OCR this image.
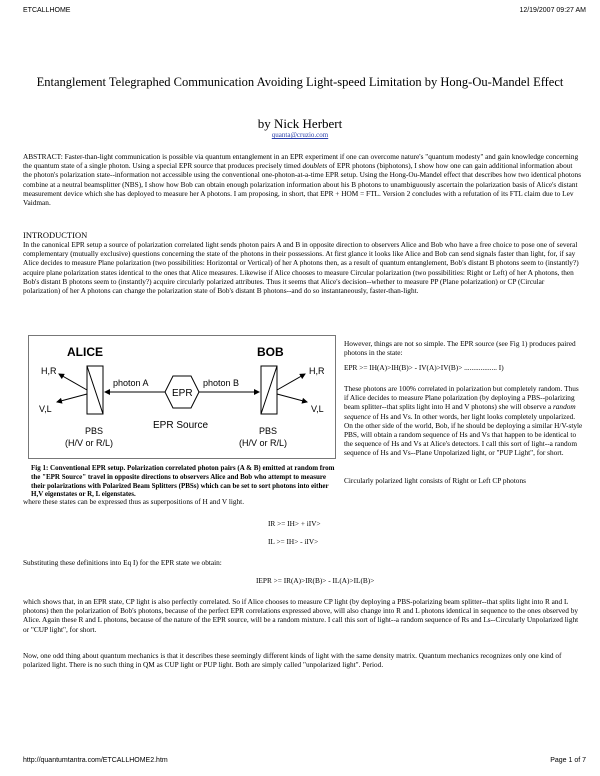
ETCALLHOME	12/19/2007 09:27 AM
Entanglement Telegraphed Communication Avoiding Light-speed Limitation by Hong-Ou-Mandel Effect
by Nick Herbert
quanta@cruzio.com

ABSTRACT: Faster-than-light communication is possible via quantum entanglement in an EPR experiment if one can overcome nature's "quantum modesty" and gain knowledge concerning the quantum state of a single photon. Using a special EPR source that produces precisely timed doublets of EPR photons (biphotons), I show how one can gain additional information about the photon's polarization state--information not accessible using the conventional one-photon-at-a-time EPR setup. Using the Hong-Ou-Mandel effect that describes how two identical photons combine at a neutral beamsplitter (NBS), I show how Bob can obtain enough polarization information about his B photons to unambiguously ascertain the polarization basis of Alice's distant measurement device which she has deployed to measure her A photons. I am proposing, in short, that EPR + HOM = FTL. Version 2 concludes with a refutation of its FTL claim due to Lev Vaidman.

INTRODUCTION

In the canonical EPR setup a source of polarization correlated light sends photon pairs A and B in opposite direction to observers Alice and Bob who have a free choice to pose one of several complementary (mutually exclusive) questions concerning the state of the photons in their possessions. At first glance it looks like Alice and Bob can send signals faster than light, for, if say Alice decides to measure Plane polarization (two possibilities: Horizontal or Vertical) of her A photons then, as a result of quantum entanglement, Bob's distant B photons seem to (instantly?) acquire plane polarization states identical to the ones that Alice measures. Likewise if Alice chooses to measure Circular polarization (two possibilities: Right or Left) of her A photons, then Bob's distant B photons seem to (instantly?) acquire circularly polarized attributes. Thus it seems that Alice's decision--whether to measure PP (Plane polarization) or CP (Circular polarization) of her A photons can change the polarization state of Bob's distant B photons--and do so instantaneously, faster-than-light.

ALICE	BOB
EPR
photon A	photon B
H,R
V,L
H,R
V,L
EPR Source
PBS
(H/V or R/L)
PBS
(H/V or R/L)
Fig 1: Conventional EPR setup. Polarization correlated photon pairs (A & B) emitted at random from the "EPR Source" travel in opposite directions to observers Alice and Bob who attempt to measure their polarizations with Polarized Beam Splitters (PBSs) which can be set to sort photons into either H,V eigenstates or R, L eigenstates.

However, things are not so simple. The EPR source (see Fig 1) produces paired photons in the state:

EPR >= IH(A)>IH(B)> - IV(A)>IV(B)> .................. I)

These photons are 100% correlated in polarization but completely random. Thus if Alice decides to measure Plane polarization (by deploying a PBS--polarizing beam splitter--that splits light into H and V photons) she will observe a random sequence of Hs and Vs. In other words, her light looks completely unpolarized. On the other side of the world, Bob, if he should be deploying a similar H/V-style PBS, will obtain a random sequence of Hs and Vs that happen to be identical to the sequence of Hs and Vs at Alice's detectors. I call this sort of light--a random sequence of Hs and Vs--Plane Unpolarized light, or "PUP Light", for short.

Circularly polarized light consists of Right or Left CP photons

where these states can be expressed thus as superpositions of H and V light.

IR >= IH> + iIV>
IL >= IH> - iIV>

Substituting these definitions into Eq I) for the EPR state we obtain:

IEPR >= IR(A)>IR(B)> - IL(A)>IL(B)>

which shows that, in an EPR state, CP light is also perfectly correlated. So if Alice chooses to measure CP light (by deploying a PBS-polarizing beam splitter--that splits light into R and L photons) then the polarization of Bob's photons, because of the perfect EPR correlations expressed above, will also change into R and L photons identical in sequence to the ones observed by Alice. Again these R and L photons, because of the nature of the EPR source, will be a random mixture. I call this sort of light--a random sequence of Rs and Ls--Circularly Unpolarized light or "CUP light", for short.

Now, one odd thing about quantum mechanics is that it describes these seemingly different kinds of light with the same density matrix. Quantum mechanics recognizes only one kind of polarized light. There is no such thing in QM as CUP light or PUP light. Both are simply called "unpolarized light". Period.

http://quantumtantra.com/ETCALLHOME2.htm	Page 1 of 7
